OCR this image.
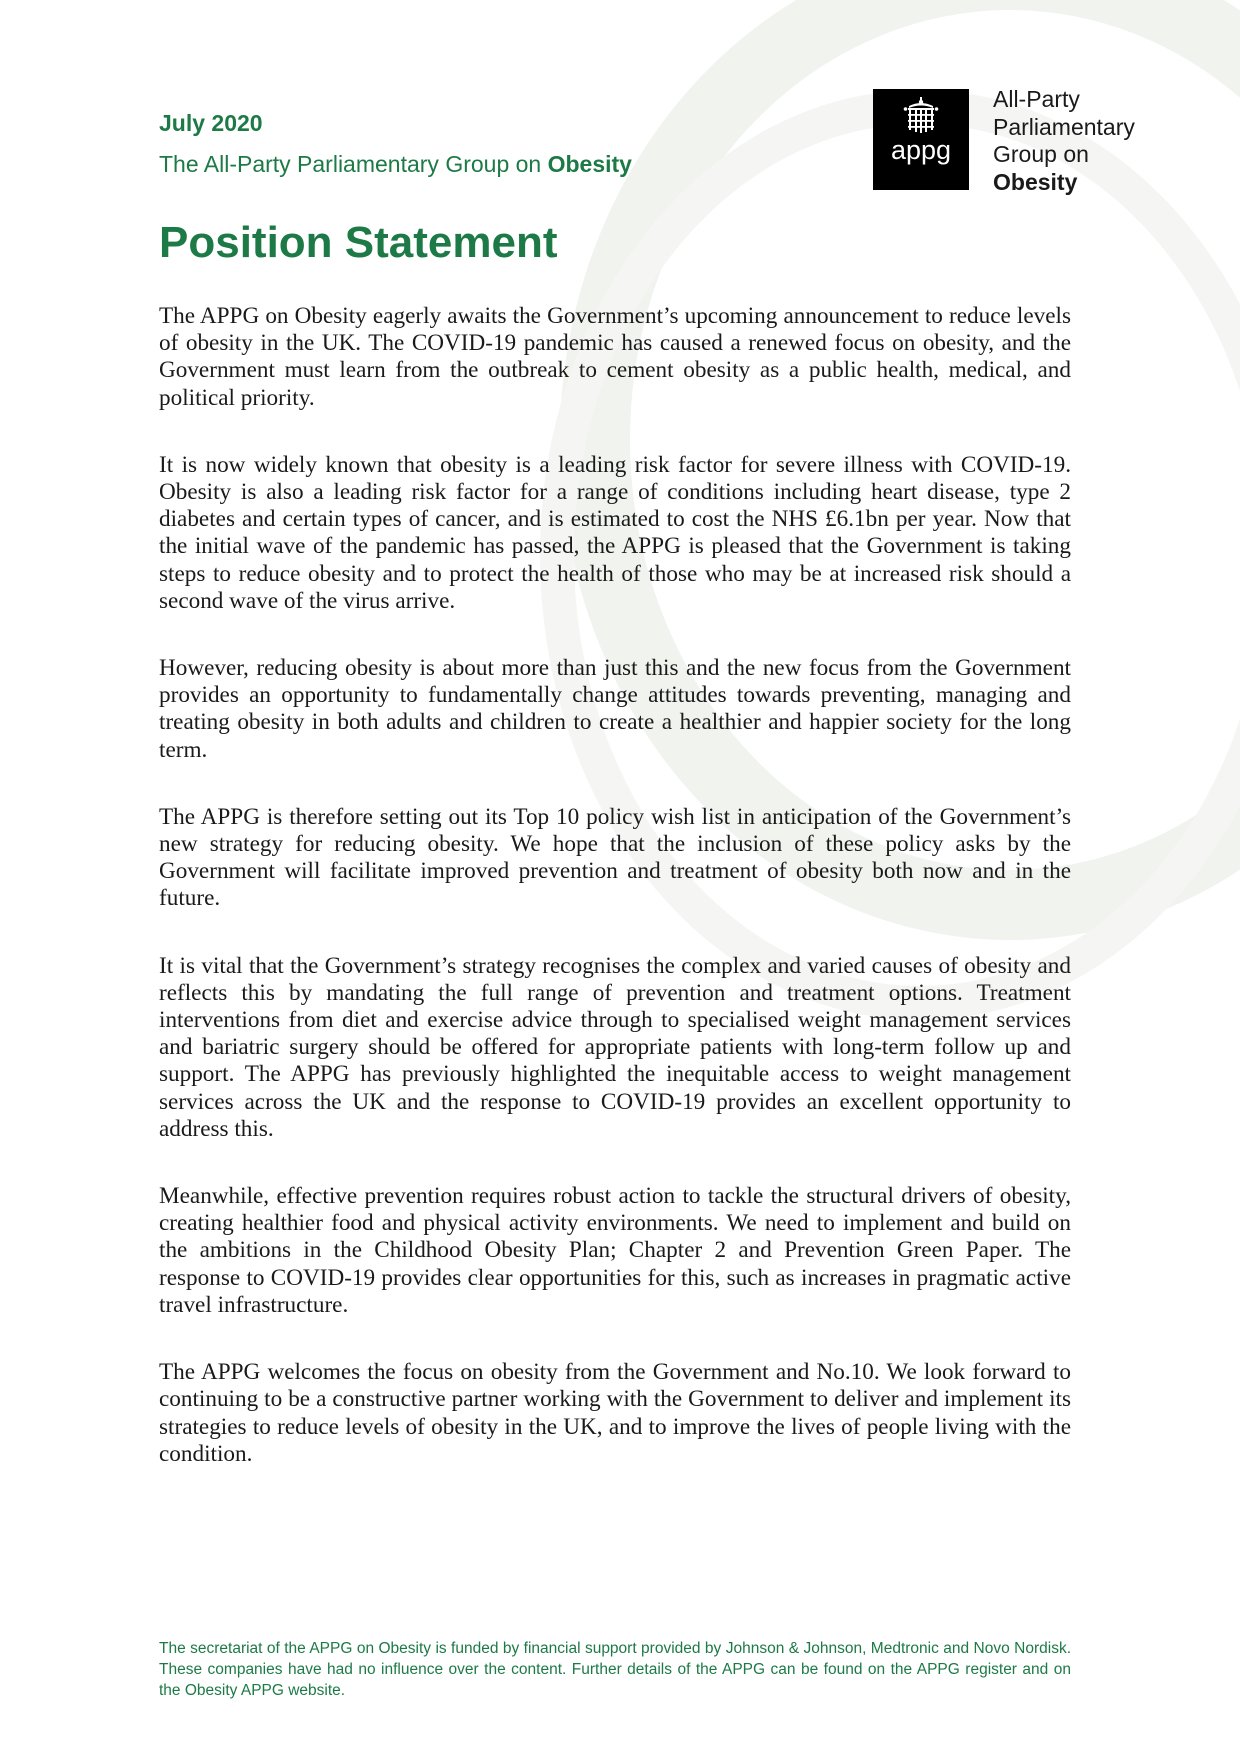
July 2020

The All-Party Parliamentary Group on Obesity	appg
All-Party
Parliamentary
Group on
Obesity
Position Statement

The APPG on Obesity eagerly awaits the Government’s upcoming announcement to reduce levels of obesity in the UK. The COVID-19 pandemic has caused a renewed focus on obesity, and the Government must learn from the outbreak to cement obesity as a public health, medical, and political priority.

It is now widely known that obesity is a leading risk factor for severe illness with COVID-19. Obesity is also a leading risk factor for a range of conditions including heart disease, type 2 diabetes and certain types of cancer, and is estimated to cost the NHS £6.1bn per year. Now that the initial wave of the pandemic has passed, the APPG is pleased that the Government is taking steps to reduce obesity and to protect the health of those who may be at increased risk should a second wave of the virus arrive.

However, reducing obesity is about more than just this and the new focus from the Government provides an opportunity to fundamentally change attitudes towards preventing, managing and treating obesity in both adults and children to create a healthier and happier society for the long term.

The APPG is therefore setting out its Top 10 policy wish list in anticipation of the Government’s new strategy for reducing obesity. We hope that the inclusion of these policy asks by the Government will facilitate improved prevention and treatment of obesity both now and in the future.

It is vital that the Government’s strategy recognises the complex and varied causes of obesity and reflects this by mandating the full range of prevention and treatment options. Treatment interventions from diet and exercise advice through to specialised weight management services and bariatric surgery should be offered for appropriate patients with long-term follow up and support. The APPG has previously highlighted the inequitable access to weight management services across the UK and the response to COVID-19 provides an excellent opportunity to address this.

Meanwhile, effective prevention requires robust action to tackle the structural drivers of obesity, creating healthier food and physical activity environments. We need to implement and build on the ambitions in the Childhood Obesity Plan; Chapter 2 and Prevention Green Paper. The response to COVID-19 provides clear opportunities for this, such as increases in pragmatic active travel infrastructure.

The APPG welcomes the focus on obesity from the Government and No.10. We look forward to continuing to be a constructive partner working with the Government to deliver and implement its strategies to reduce levels of obesity in the UK, and to improve the lives of people living with the condition.

The secretariat of the APPG on Obesity is funded by financial support provided by Johnson & Johnson, Medtronic and Novo Nordisk. These companies have had no influence over the content. Further details of the APPG can be found on the APPG register and on the Obesity APPG website.
